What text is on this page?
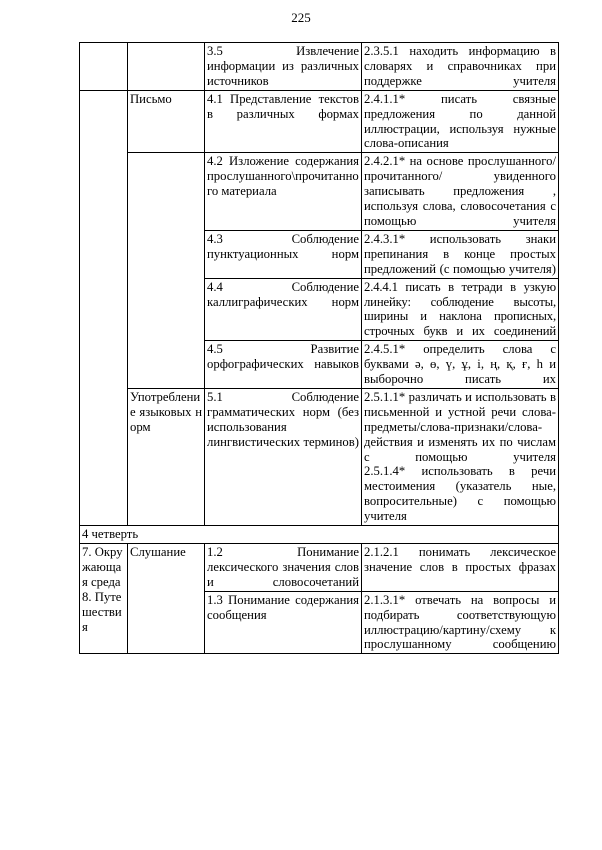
225
		3.5 Извлечение информации из различных источников	2.3.5.1 находить информацию в словарях и справочниках при поддержке учителя
	Письмо	4.1 Представление текстов в различных формах	2.4.1.1* писать связные предложения по данной иллюстрации, используя нужные слова-описания
		4.2 Изложение содержания прослушанного\прочитанного материала	2.4.2.1* на основе прослушанного/ прочитанного/ увиденного записывать предложения , используя слова, словосочетания с помощью учителя
		4.3 Соблюдение пунктуационных норм	2.4.3.1* использовать знаки препинания в конце простых предложений (с помощью учителя)
		4.4 Соблюдение каллиграфических норм	2.4.4.1 писать в тетради в узкую линейку: соблюдение высоты, ширины и наклона прописных, строчных букв и их соединений
		4.5 Развитие орфографических навыков	2.4.5.1* определить слова с буквами ә, ө, ү, ұ, і, ң, қ, ғ, һ и выборочно писать их
	Употребление языковых норм	5.1 Соблюдение грамматических норм (без использования лингвистических терминов)	2.5.1.1* различать и использовать в письменной и устной речи слова-предметы/слова-признаки/слова-действия и изменять их по числам с помощью учителя
2.5.1.4* использовать в речи местоимения (указатель ные, вопросительные) с помощью учителя

4 четверть			
7. Окружающая среда 8. Путешествия	Слушание	1.2 Понимание лексического значения слов и словосочетаний	2.1.2.1 понимать лексическое значение слов в простых фразах
		1.3 Понимание содержания сообщения	2.1.3.1* отвечать на вопросы и подбирать соответствующую иллюстрацию/картину/схему к прослушанному сообщению
